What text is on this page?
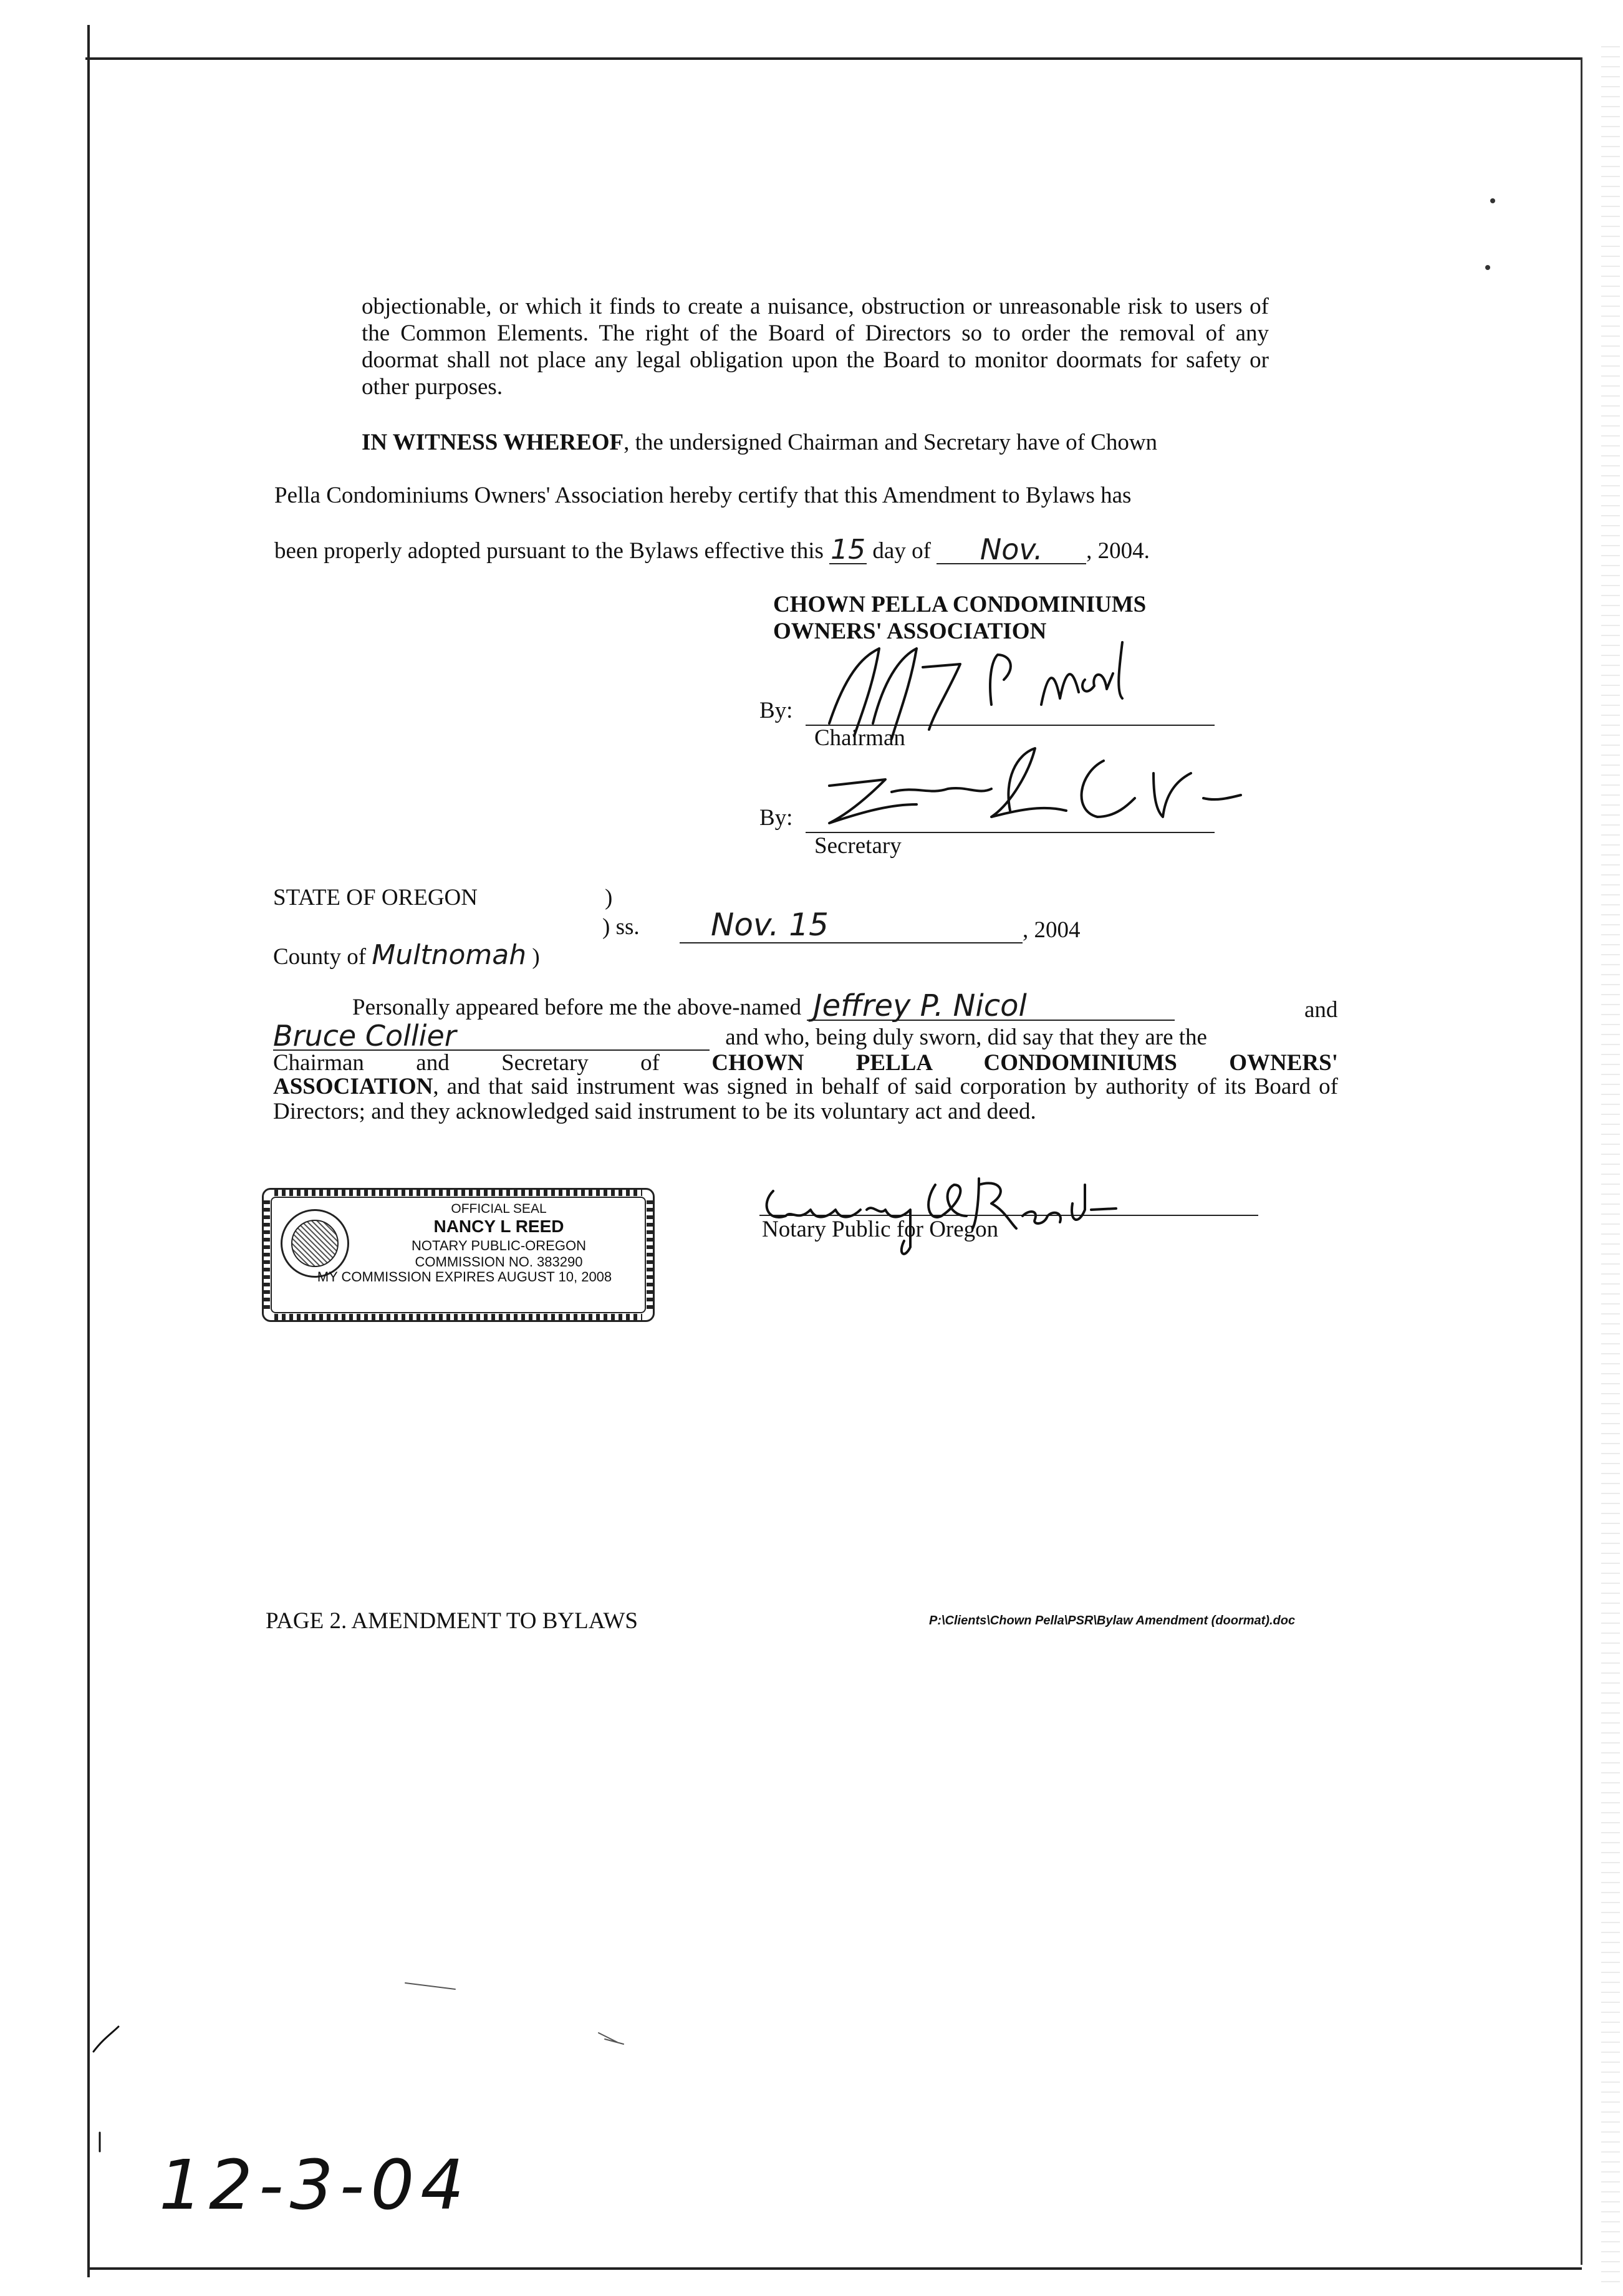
objectionable, or which it finds to create a nuisance, obstruction or unreasonable risk to users of the Common Elements. The right of the Board of Directors so to order the removal of any doormat shall not place any legal obligation upon the Board to monitor doormats for safety or other purposes.

IN WITNESS WHEREOF, the undersigned Chairman and Secretary have of Chown
Pella Condominiums Owners' Association hereby certify that this Amendment to Bylaws has
been properly adopted pursuant to the Bylaws effective this 15 day of Nov. , 2004.
CHOWN PELLA CONDOMINIUMS
OWNERS' ASSOCIATION
By:
Chairman
By:
Secretary
STATE OF OREGON	)
) ss.	Nov. 15	, 2004
County of Multnomah )
Personally appeared before me the above-named Jeffrey P. Nicol	and
Bruce Collier	and who, being duly sworn, did say that they are the
Chairman and Secretary of CHOWN PELLA CONDOMINIUMS OWNERS'
ASSOCIATION, and that said instrument was signed in behalf of said corporation by authority of its Board of Directors; and they acknowledged said instrument to be its voluntary act and deed.
Notary Public for Oregon
OFFICIAL SEAL
NANCY L REED
NOTARY PUBLIC-OREGON
COMMISSION NO. 383290
MY COMMISSION EXPIRES AUGUST 10, 2008
PAGE 2. AMENDMENT TO BYLAWS	P:\Clients\Chown Pella\PSR\Bylaw Amendment (doormat).doc
12-3-04
